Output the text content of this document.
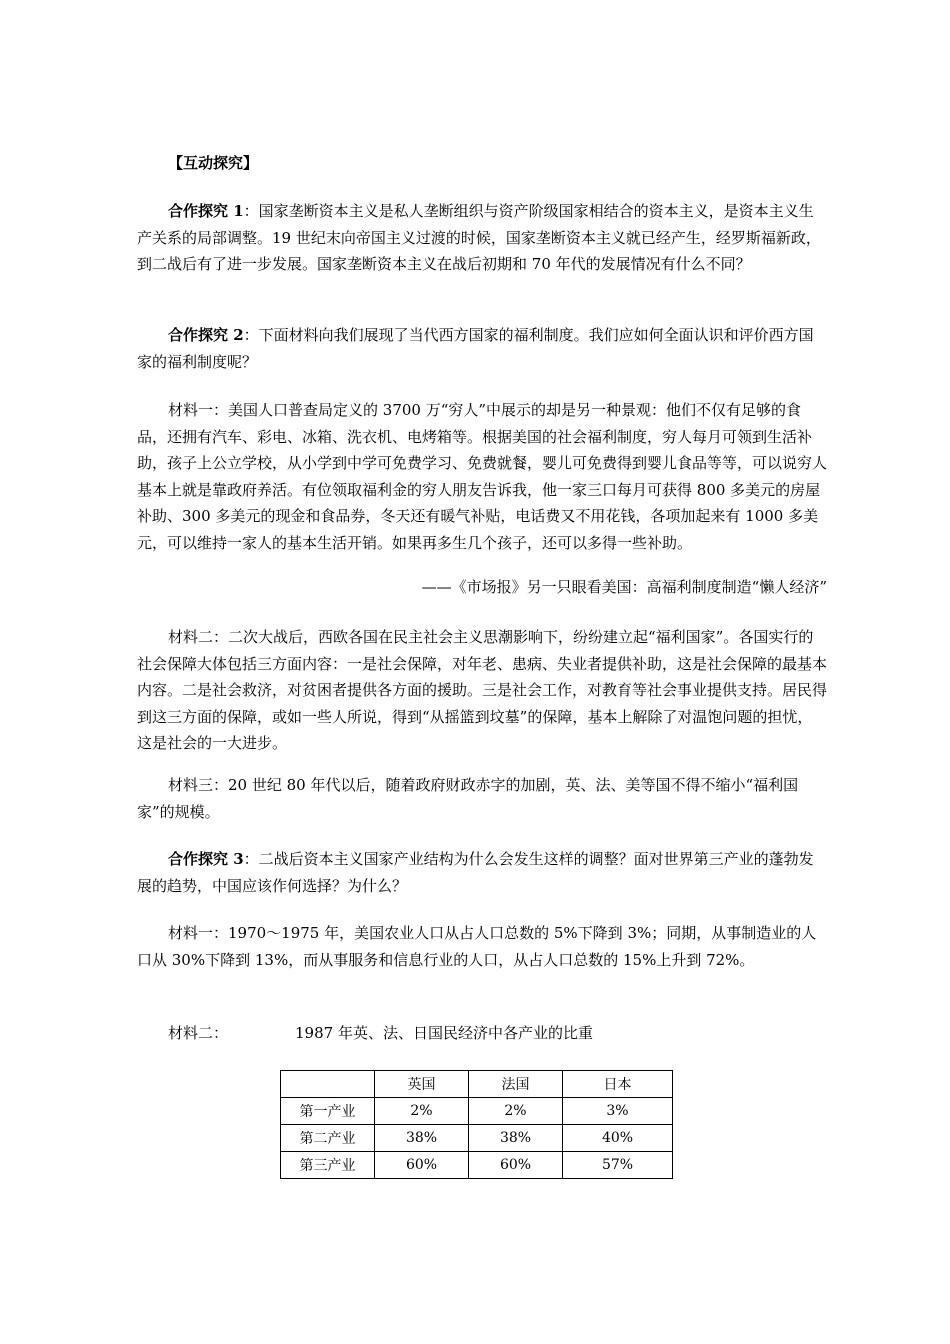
【互动探究】
合作探究 1：国家垄断资本主义是私人垄断组织与资产阶级国家相结合的资本主义，是资本主义生产关系的局部调整。19 世纪末向帝国主义过渡的时候，国家垄断资本主义就已经产生，经罗斯福新政，到二战后有了进一步发展。国家垄断资本主义在战后初期和 70 年代的发展情况有什么不同？
合作探究 2：下面材料向我们展现了当代西方国家的福利制度。我们应如何全面认识和评价西方国家的福利制度呢？
材料一：美国人口普查局定义的 3700 万“穷人”中展示的却是另一种景观：他们不仅有足够的食品，还拥有汽车、彩电、冰箱、洗衣机、电烤箱等。根据美国的社会福利制度，穷人每月可领到生活补助，孩子上公立学校，从小学到中学可免费学习、免费就餐，婴儿可免费得到婴儿食品等等，可以说穷人基本上就是靠政府养活。有位领取福利金的穷人朋友告诉我，他一家三口每月可获得 800 多美元的房屋补助、300 多美元的现金和食品券，冬天还有暖气补贴，电话费又不用花钱，各项加起来有 1000 多美元，可以维持一家人的基本生活开销。如果再多生几个孩子，还可以多得一些补助。
——《市场报》另一只眼看美国：高福利制度制造“懒人经济”
材料二：二次大战后，西欧各国在民主社会主义思潮影响下，纷纷建立起“福利国家”。各国实行的社会保障大体包括三方面内容：一是社会保障，对年老、患病、失业者提供补助，这是社会保障的最基本内容。二是社会救济，对贫困者提供各方面的援助。三是社会工作，对教育等社会事业提供支持。居民得到这三方面的保障，或如一些人所说，得到“从摇篮到坟墓”的保障，基本上解除了对温饱问题的担忧，这是社会的一大进步。
材料三：20 世纪 80 年代以后，随着政府财政赤字的加剧，英、法、美等国不得不缩小“福利国家”的规模。
合作探究 3：二战后资本主义国家产业结构为什么会发生这样的调整？面对世界第三产业的蓬勃发展的趋势，中国应该作何选择？为什么？
材料一：1970～1975 年，美国农业人口从占人口总数的 5%下降到 3%；同期，从事制造业的人口从 30%下降到 13%，而从事服务和信息行业的人口，从占人口总数的 15%上升到 72%。
材料二：	1987 年英、法、日国民经济中各产业的比重
	英国	法国	日本
第一产业	2%	2%	3%
第二产业	38%	38%	40%
第三产业	60%	60%	57%
